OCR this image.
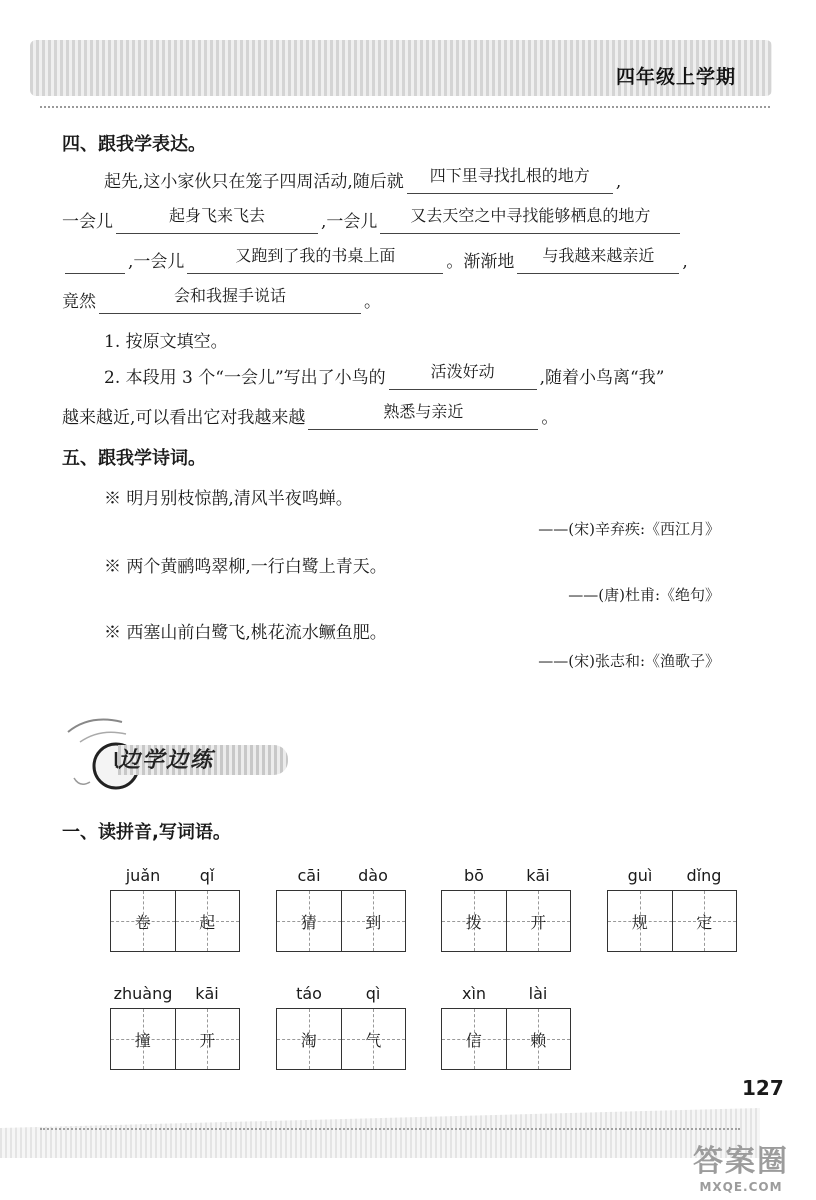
四年级上学期
四、跟我学表达。
起先,这小家伙只在笼子四周活动,随后就 四下里寻找扎根的地方 ,
一会儿	起身飞来飞去	,一会儿 又去天空之中寻找能够栖息的地方
,一会儿	又跑到了我的书桌上面	。渐渐地 与我越来越亲近 ,
竟然	会和我握手说话	。
1. 按原文填空。
2. 本段用 3 个“一会儿”写出了小鸟的	活泼好动	,随着小鸟离“我”
越来越近,可以看出它对我越来越	熟悉与亲近	。
五、跟我学诗词。
※ 明月别枝惊鹊,清风半夜鸣蝉。
——(宋)辛弃疾:《西江月》
※ 两个黄鹂鸣翠柳,一行白鹭上青天。
——(唐)杜甫:《绝句》
※ 西塞山前白鹭飞,桃花流水鳜鱼肥。
——(宋)张志和:《渔歌子》
边学边练
一、读拼音,写词语。
juǎn	qǐ
卷	起
cāi	dào
猜	到
bō	kāi
拨	开
guì	dǐng
规	定
zhuàng	kāi
撞	开
táo	qì
淘	气
xìn	lài
信	赖
127
答案圈
MXQE.COM
